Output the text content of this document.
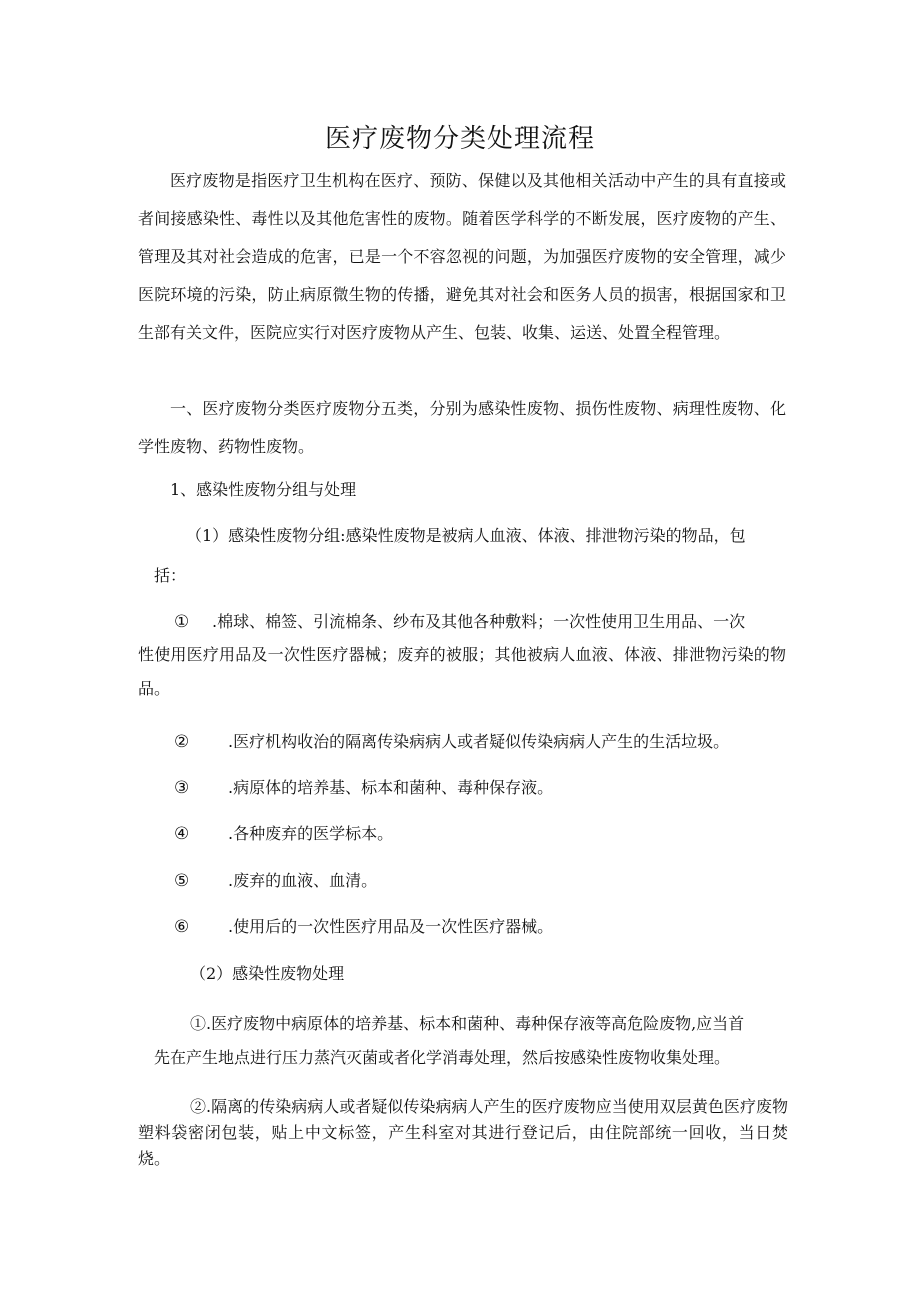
医疗废物分类处理流程

医疗废物是指医疗卫生机构在医疗、预防、保健以及其他相关活动中产生的具有直接或者间接感染性、毒性以及其他危害性的废物。随着医学科学的不断发展，医疗废物的产生、管理及其对社会造成的危害，已是一个不容忽视的问题，为加强医疗废物的安全管理，减少医院环境的污染，防止病原微生物的传播，避免其对社会和医务人员的损害，根据国家和卫生部有关文件，医院应实行对医疗废物从产生、包装、收集、运送、处置全程管理。

一、医疗废物分类医疗废物分五类，分别为感染性废物、损伤性废物、病理性废物、化学性废物、药物性废物。

1、感染性废物分组与处理

（1）感染性废物分组:感染性废物是被病人血液、体液、排泄物污染的物品，包

括：

① .棉球、棉签、引流棉条、纱布及其他各种敷料；一次性使用卫生用品、一次

性使用医疗用品及一次性医疗器械；废弃的被服；其他被病人血液、体液、排泄物污染的物品。

② .医疗机构收治的隔离传染病病人或者疑似传染病病人产生的生活垃圾。
③ .病原体的培养基、标本和菌种、毒种保存液。
④ .各种废弃的医学标本。
⑤ .废弃的血液、血清。
⑥ .使用后的一次性医疗用品及一次性医疗器械。

（2）感染性废物处理

①.医疗废物中病原体的培养基、标本和菌种、毒种保存液等高危险废物,应当首

先在产生地点进行压力蒸汽灭菌或者化学消毒处理，然后按感染性废物收集处理。

②.隔离的传染病病人或者疑似传染病病人产生的医疗废物应当使用双层黄色医疗废物塑料袋密闭包装，贴上中文标签，产生科室对其进行登记后，由住院部统一回收，当日焚烧。
